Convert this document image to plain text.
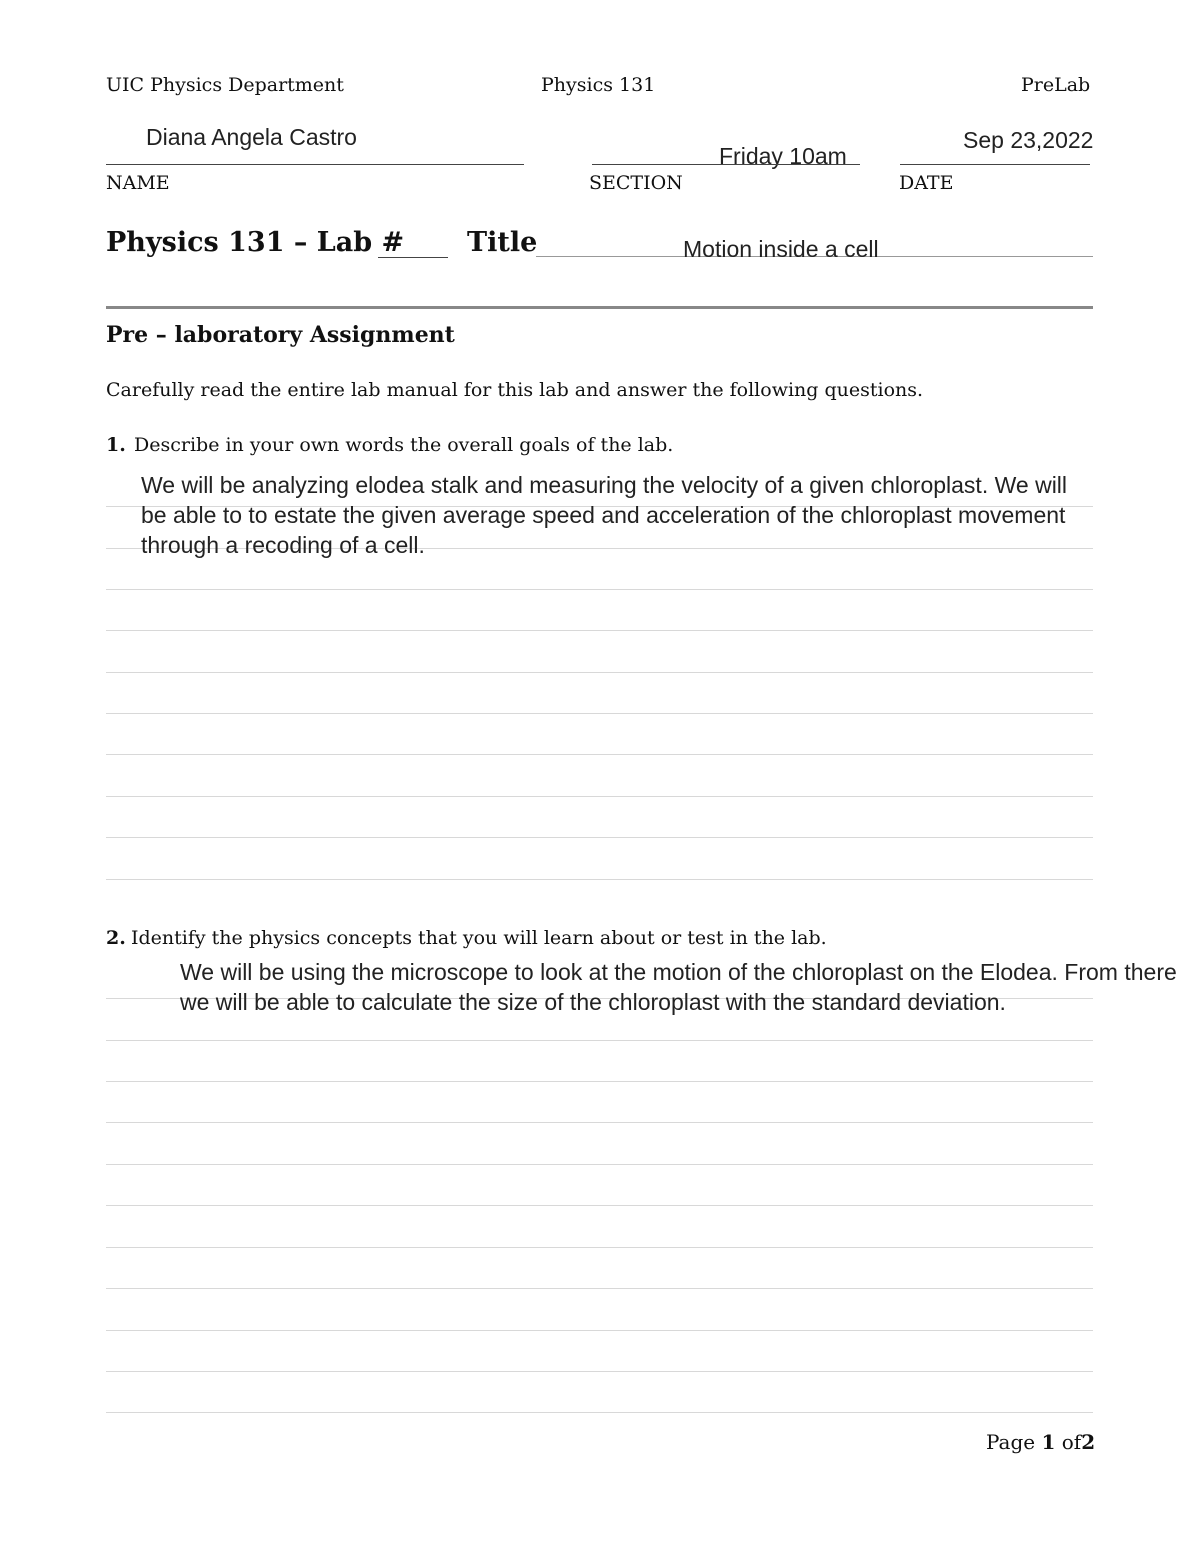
UIC Physics Department	Physics 131	PreLab
Diana Angela Castro
Friday 10am
Sep 23,2022
NAME	SECTION	DATE
Physics 131 – Lab # Title	Motion inside a cell
Pre – laboratory Assignment
Carefully read the entire lab manual for this lab and answer the following questions.
1. Describe in your own words the overall goals of the lab.
We will be analyzing elodea stalk and measuring the velocity of a given chloroplast. We will be able to to estate the given average speed and acceleration of the chloroplast movement through a recoding of a cell.
2. Identify the physics concepts that you will learn about or test in the lab.
We will be using the microscope to look at the motion of the chloroplast on the Elodea. From there we will be able to calculate the size of the chloroplast with the standard deviation.
Page 1 of2
